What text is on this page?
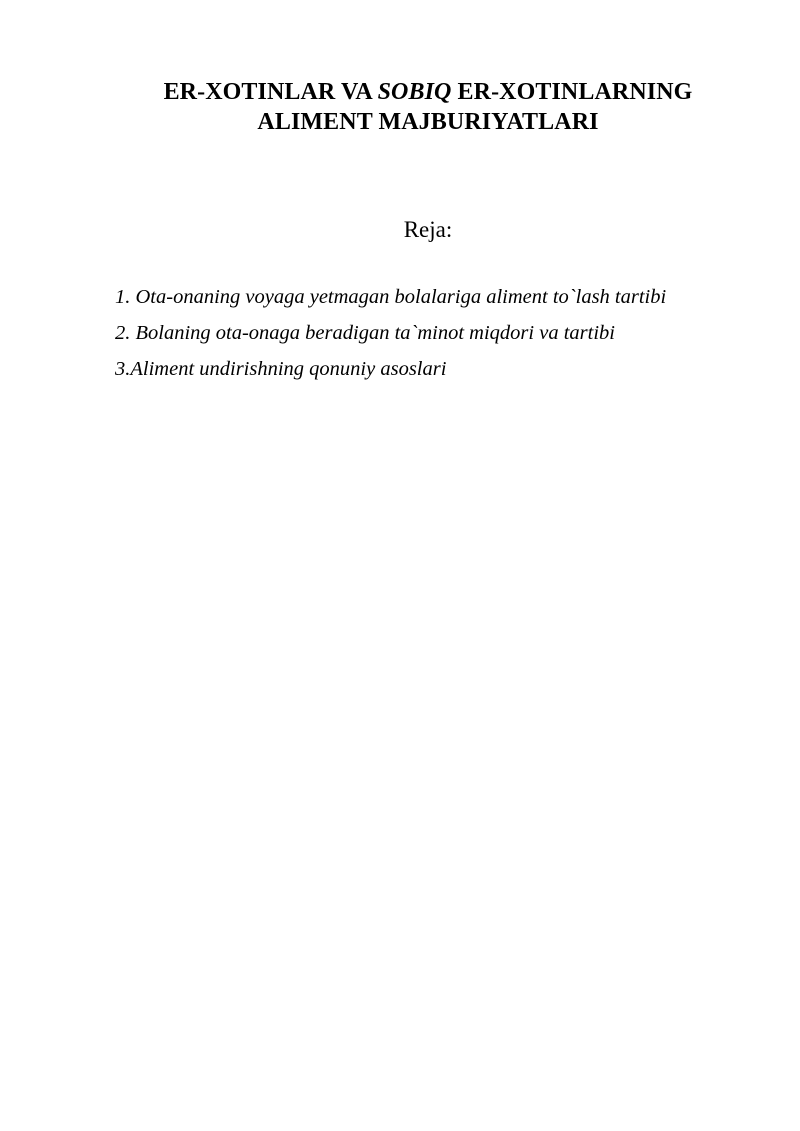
ER-XOTINLAR VA SOBIQ ER-XOTINLARNING
ALIMENT MAJBURIYATLARI
Reja:
1. Ota-onaning voyaga yetmagan bolalariga aliment to`lash tartibi
2. Bolaning ota-onaga beradigan ta`minot miqdori va tartibi
3.Aliment undirishning qonuniy asoslari
